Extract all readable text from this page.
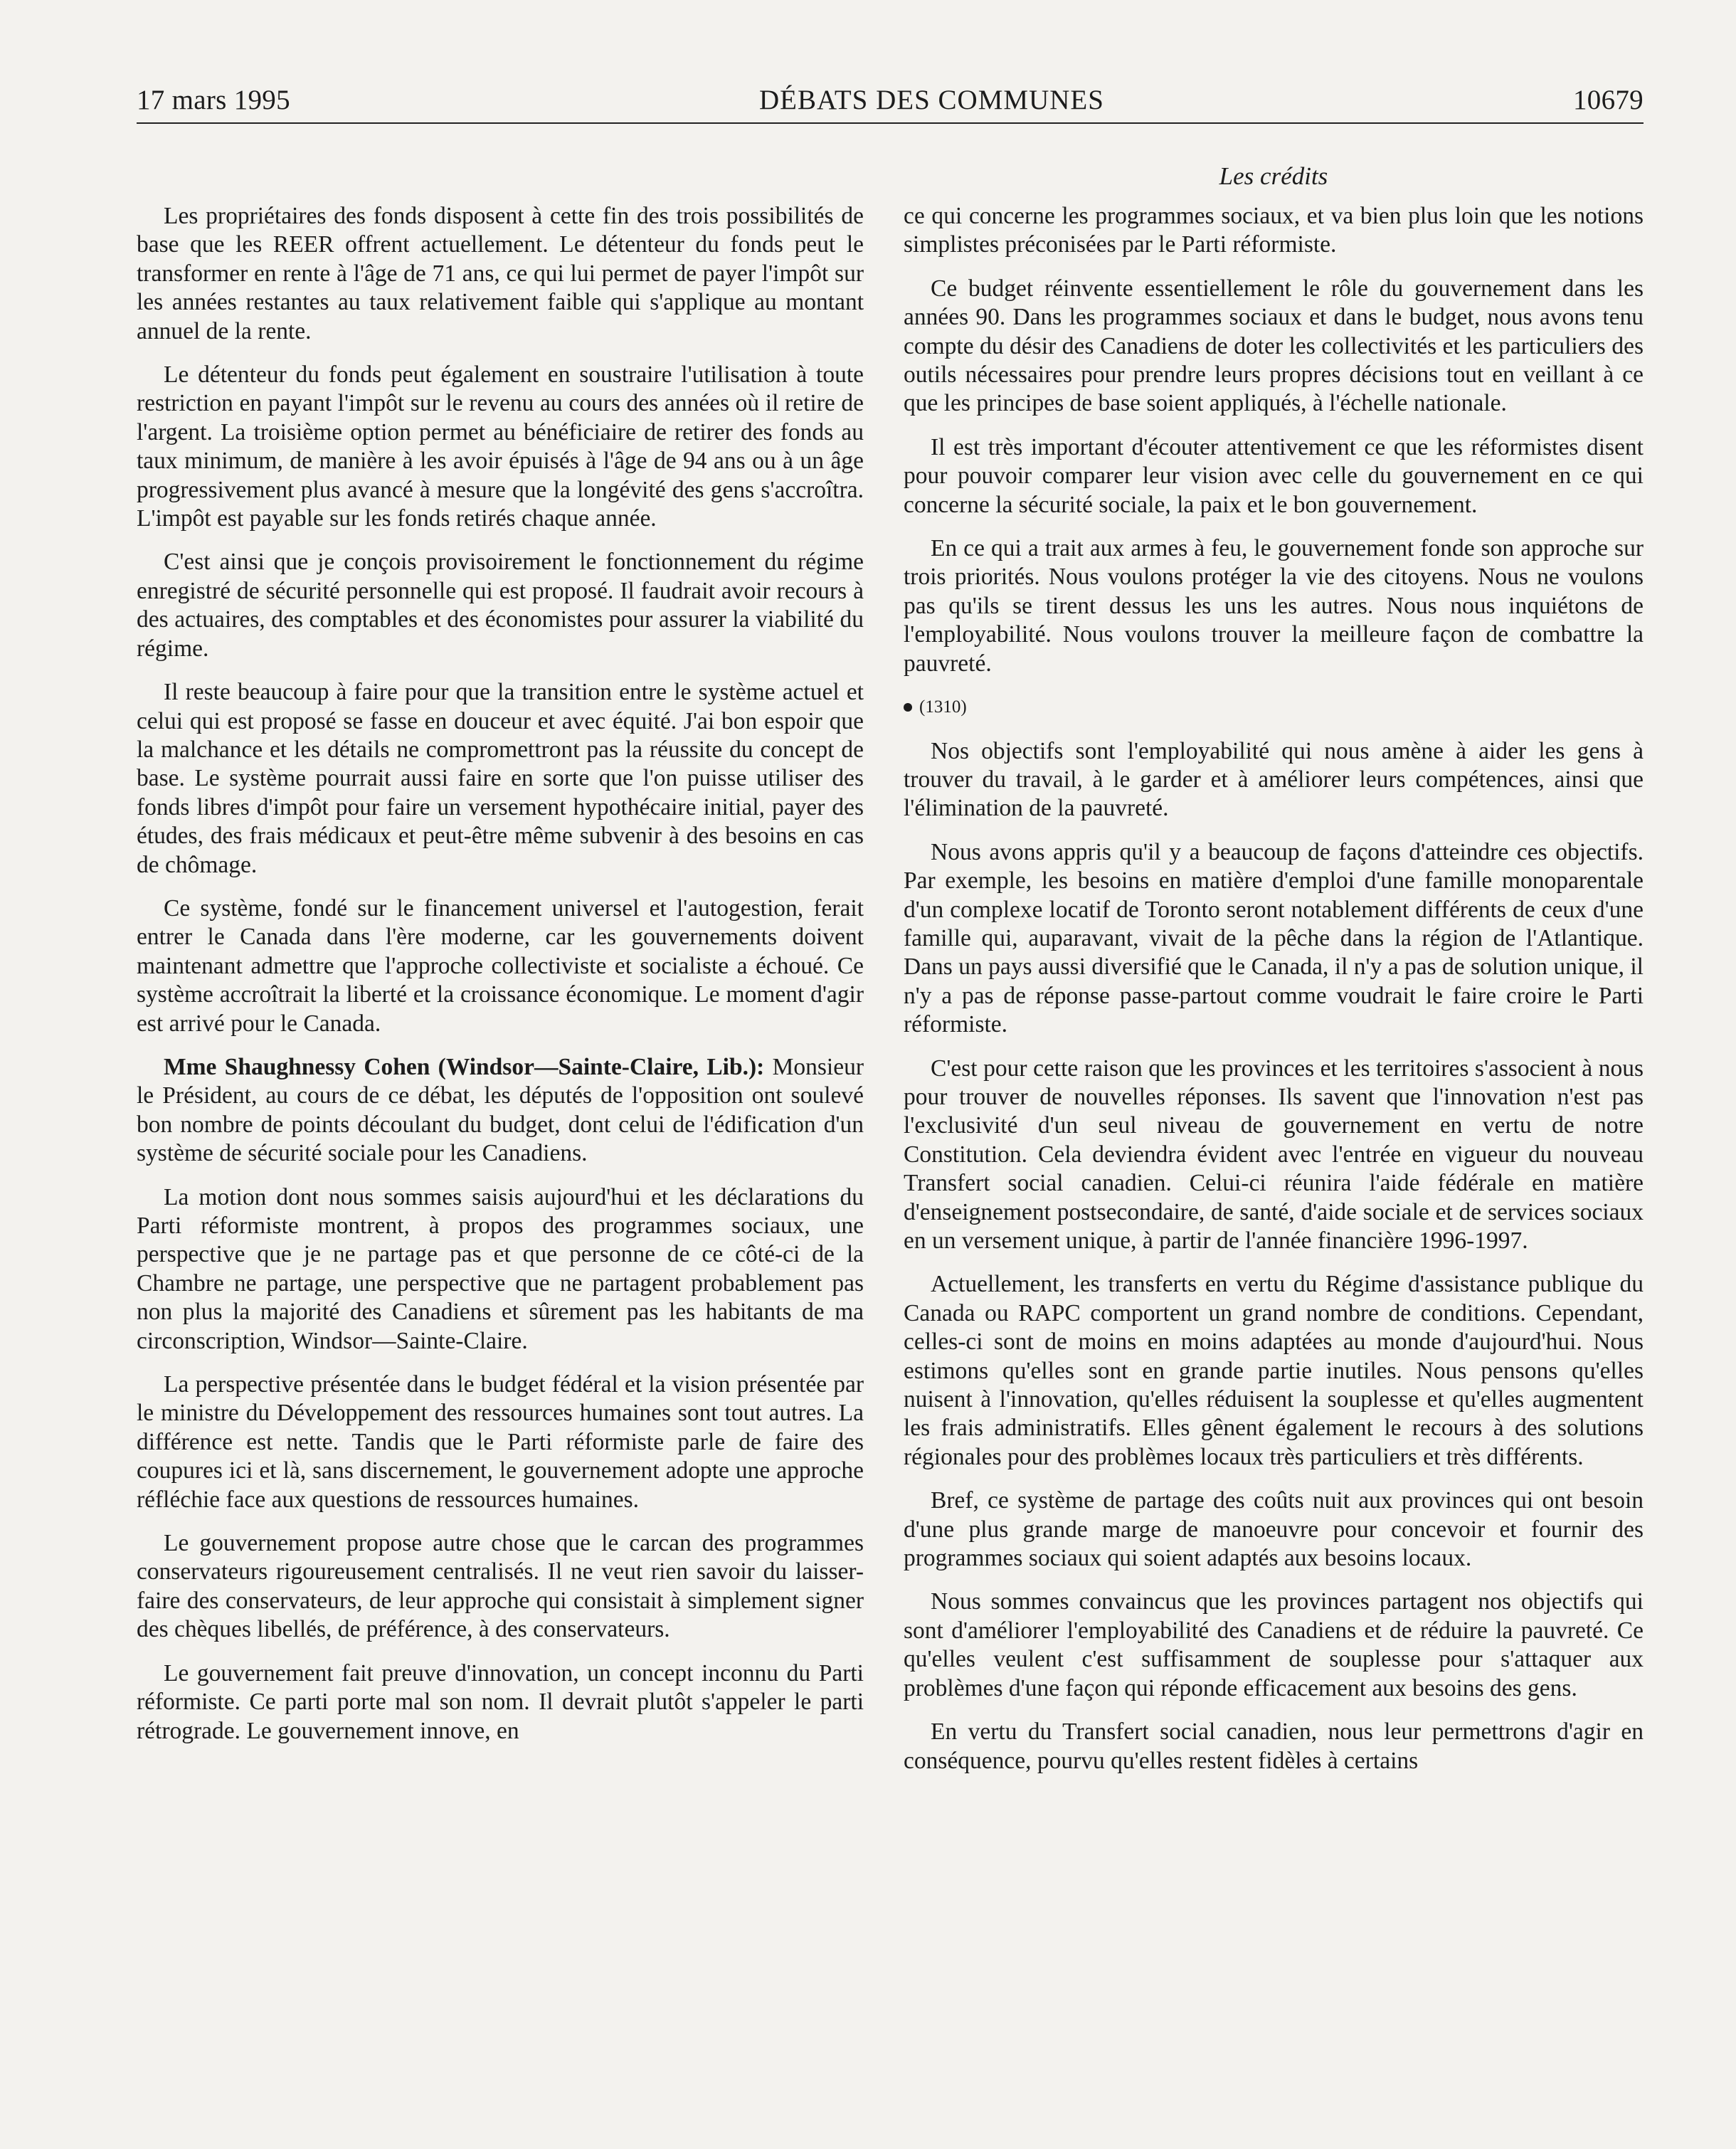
17 mars 1995	DÉBATS DES COMMUNES	10679
Les crédits

Les propriétaires des fonds disposent à cette fin des trois possibilités de base que les REER offrent actuellement. Le détenteur du fonds peut le transformer en rente à l'âge de 71 ans, ce qui lui permet de payer l'impôt sur les années restantes au taux relativement faible qui s'applique au montant annuel de la rente.

Le détenteur du fonds peut également en soustraire l'utilisation à toute restriction en payant l'impôt sur le revenu au cours des années où il retire de l'argent. La troisième option permet au bénéficiaire de retirer des fonds au taux minimum, de manière à les avoir épuisés à l'âge de 94 ans ou à un âge progressivement plus avancé à mesure que la longévité des gens s'accroîtra. L'impôt est payable sur les fonds retirés chaque année.

C'est ainsi que je conçois provisoirement le fonctionnement du régime enregistré de sécurité personnelle qui est proposé. Il faudrait avoir recours à des actuaires, des comptables et des économistes pour assurer la viabilité du régime.

Il reste beaucoup à faire pour que la transition entre le système actuel et celui qui est proposé se fasse en douceur et avec équité. J'ai bon espoir que la malchance et les détails ne compromettront pas la réussite du concept de base. Le système pourrait aussi faire en sorte que l'on puisse utiliser des fonds libres d'impôt pour faire un versement hypothécaire initial, payer des études, des frais médicaux et peut-être même subvenir à des besoins en cas de chômage.

Ce système, fondé sur le financement universel et l'autogestion, ferait entrer le Canada dans l'ère moderne, car les gouvernements doivent maintenant admettre que l'approche collectiviste et socialiste a échoué. Ce système accroîtrait la liberté et la croissance économique. Le moment d'agir est arrivé pour le Canada.

Mme Shaughnessy Cohen (Windsor—Sainte-Claire, Lib.): Monsieur le Président, au cours de ce débat, les députés de l'opposition ont soulevé bon nombre de points découlant du budget, dont celui de l'édification d'un système de sécurité sociale pour les Canadiens.

La motion dont nous sommes saisis aujourd'hui et les déclarations du Parti réformiste montrent, à propos des programmes sociaux, une perspective que je ne partage pas et que personne de ce côté-ci de la Chambre ne partage, une perspective que ne partagent probablement pas non plus la majorité des Canadiens et sûrement pas les habitants de ma circonscription, Windsor—Sainte-Claire.

La perspective présentée dans le budget fédéral et la vision présentée par le ministre du Développement des ressources humaines sont tout autres. La différence est nette. Tandis que le Parti réformiste parle de faire des coupures ici et là, sans discernement, le gouvernement adopte une approche réfléchie face aux questions de ressources humaines.

Le gouvernement propose autre chose que le carcan des programmes conservateurs rigoureusement centralisés. Il ne veut rien savoir du laisser-faire des conservateurs, de leur approche qui consistait à simplement signer des chèques libellés, de préférence, à des conservateurs.

Le gouvernement fait preuve d'innovation, un concept inconnu du Parti réformiste. Ce parti porte mal son nom. Il devrait plutôt s'appeler le parti rétrograde. Le gouvernement innove, en

ce qui concerne les programmes sociaux, et va bien plus loin que les notions simplistes préconisées par le Parti réformiste.

Ce budget réinvente essentiellement le rôle du gouvernement dans les années 90. Dans les programmes sociaux et dans le budget, nous avons tenu compte du désir des Canadiens de doter les collectivités et les particuliers des outils nécessaires pour prendre leurs propres décisions tout en veillant à ce que les principes de base soient appliqués, à l'échelle nationale.

Il est très important d'écouter attentivement ce que les réformistes disent pour pouvoir comparer leur vision avec celle du gouvernement en ce qui concerne la sécurité sociale, la paix et le bon gouvernement.

En ce qui a trait aux armes à feu, le gouvernement fonde son approche sur trois priorités. Nous voulons protéger la vie des citoyens. Nous ne voulons pas qu'ils se tirent dessus les uns les autres. Nous nous inquiétons de l'employabilité. Nous voulons trouver la meilleure façon de combattre la pauvreté.

(1310)

Nos objectifs sont l'employabilité qui nous amène à aider les gens à trouver du travail, à le garder et à améliorer leurs compétences, ainsi que l'élimination de la pauvreté.

Nous avons appris qu'il y a beaucoup de façons d'atteindre ces objectifs. Par exemple, les besoins en matière d'emploi d'une famille monoparentale d'un complexe locatif de Toronto seront notablement différents de ceux d'une famille qui, auparavant, vivait de la pêche dans la région de l'Atlantique. Dans un pays aussi diversifié que le Canada, il n'y a pas de solution unique, il n'y a pas de réponse passe-partout comme voudrait le faire croire le Parti réformiste.

C'est pour cette raison que les provinces et les territoires s'associent à nous pour trouver de nouvelles réponses. Ils savent que l'innovation n'est pas l'exclusivité d'un seul niveau de gouvernement en vertu de notre Constitution. Cela deviendra évident avec l'entrée en vigueur du nouveau Transfert social canadien. Celui-ci réunira l'aide fédérale en matière d'enseignement postsecondaire, de santé, d'aide sociale et de services sociaux en un versement unique, à partir de l'année financière 1996-1997.

Actuellement, les transferts en vertu du Régime d'assistance publique du Canada ou RAPC comportent un grand nombre de conditions. Cependant, celles-ci sont de moins en moins adaptées au monde d'aujourd'hui. Nous estimons qu'elles sont en grande partie inutiles. Nous pensons qu'elles nuisent à l'innovation, qu'elles réduisent la souplesse et qu'elles augmentent les frais administratifs. Elles gênent également le recours à des solutions régionales pour des problèmes locaux très particuliers et très différents.

Bref, ce système de partage des coûts nuit aux provinces qui ont besoin d'une plus grande marge de manoeuvre pour concevoir et fournir des programmes sociaux qui soient adaptés aux besoins locaux.

Nous sommes convaincus que les provinces partagent nos objectifs qui sont d'améliorer l'employabilité des Canadiens et de réduire la pauvreté. Ce qu'elles veulent c'est suffisamment de souplesse pour s'attaquer aux problèmes d'une façon qui réponde efficacement aux besoins des gens.

En vertu du Transfert social canadien, nous leur permettrons d'agir en conséquence, pourvu qu'elles restent fidèles à certains
